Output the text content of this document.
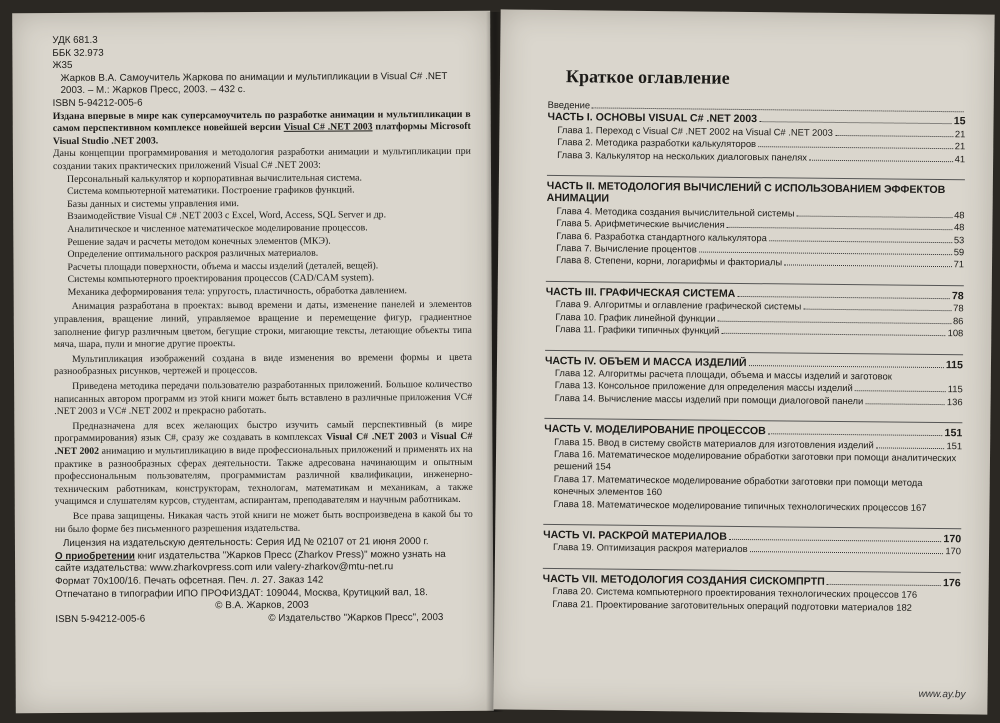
УДК 681.3
ББК 32.973
Ж35
Жарков В.А. Самоучитель Жаркова по анимации и мультипликации в Visual C# .NET 2003. – М.: Жарков Пресс, 2003. – 432 с.
ISBN 5-94212-005-6
Издана впервые в мире как суперсамоучитель по разработке анимации и мультипликации в самом перспективном комплексе новейшей версии Visual C# .NET 2003 платформы Microsoft Visual Studio .NET 2003.
Даны концепции программирования и методология разработки анимации и мультипликации при создании таких практических приложений Visual C# .NET 2003:
Персональный калькулятор и корпоративная вычислительная система.
Система компьютерной математики. Построение графиков функций.
Базы данных и системы управления ими.
Взаимодействие Visual C# .NET 2003 с Excel, Word, Access, SQL Server и др.
Аналитическое и численное математическое моделирование процессов.
Решение задач и расчеты методом конечных элементов (МКЭ).
Определение оптимального раскроя различных материалов.
Расчеты площади поверхности, объема и массы изделий (деталей, вещей).
Системы компьютерного проектирования процессов (CAD/CAM system).
Механика деформирования тела: упругость, пластичность, обработка давлением.
Анимация разработана в проектах: вывод времени и даты, изменение панелей и элементов управления, вращение линий, управляемое вращение и перемещение фигур, градиентное заполнение фигур различным цветом, бегущие строки, мигающие тексты, летающие объекты типа мяча, шара, пули и многие другие проекты.
Мультипликация изображений создана в виде изменения во времени формы и цвета разнообразных рисунков, чертежей и процессов.
Приведена методика передачи пользователю разработанных приложений. Большое количество написанных автором программ из этой книги может быть вставлено в различные приложения VC# .NET 2003 и VC# .NET 2002 и прекрасно работать.
Предназначена для всех желающих быстро изучить самый перспективный (в мире программирования) язык C#, сразу же создавать в комплексах Visual C# .NET 2003 и Visual C# .NET 2002 анимацию и мультипликацию в виде профессиональных приложений и применять их на практике в разнообразных сферах деятельности. Также адресована начинающим и опытным профессиональным пользователям, программистам различной квалификации, инженерно-техническим работникам, конструкторам, технологам, математикам и механикам, а также учащимся и слушателям курсов, студентам, аспирантам, преподавателям и научным работникам.
Все права защищены. Никакая часть этой книги не может быть воспроизведена в какой бы то ни было форме без письменного разрешения издательства.
Лицензия на издательскую деятельность: Серия ИД № 02107 от 21 июня 2000 г.
О приобретении книг издательства "Жарков Пресс (Zharkov Press)" можно узнать на сайте издательства: www.zharkovpress.com или valery-zharkov@mtu-net.ru
Формат 70х100/16. Печать офсетная. Печ. л. 27. Заказ 142
Отпечатано в типографии ИПО ПРОФИЗДАТ: 109044, Москва, Крутицкий вал, 18.
© В.А. Жарков, 2003
ISBN 5-94212-005-6	© Издательство "Жарков Пресс", 2003
Краткое оглавление
Введение
ЧАСТЬ I. ОСНОВЫ VISUAL C# .NET 2003	15
Глава 1. Переход с Visual C# .NET 2002 на Visual C# .NET 2003	21
Глава 2. Методика разработки калькуляторов	21
Глава 3. Калькулятор на нескольких диалоговых панелях	41
ЧАСТЬ II. МЕТОДОЛОГИЯ ВЫЧИСЛЕНИЙ С ИСПОЛЬЗОВАНИЕМ ЭФФЕКТОВ АНИМАЦИИ
Глава 4. Методика создания вычислительной системы	48
Глава 5. Арифметические вычисления	48
Глава 6. Разработка стандартного калькулятора	53
Глава 7. Вычисление процентов	59
Глава 8. Степени, корни, логарифмы и факториалы	71
ЧАСТЬ III. ГРАФИЧЕСКАЯ СИСТЕМА	78
Глава 9. Алгоритмы и оглавление графической системы	78
Глава 10. График линейной функции	86
Глава 11. Графики типичных функций	108
ЧАСТЬ IV. ОБЪЕМ И МАССА ИЗДЕЛИЙ	115
Глава 12. Алгоритмы расчета площади, объема и массы изделий и заготовок
Глава 13. Консольное приложение для определения массы изделий	115
Глава 14. Вычисление массы изделий при помощи диалоговой панели	136
ЧАСТЬ V. МОДЕЛИРОВАНИЕ ПРОЦЕССОВ	151
Глава 15. Ввод в систему свойств материалов для изготовления изделий	151
Глава 16. Математическое моделирование обработки заготовки при помощи аналитических решений 154
Глава 17. Математическое моделирование обработки заготовки при помощи метода конечных элементов 160
Глава 18. Математическое моделирование типичных технологических процессов 167
ЧАСТЬ VI. РАСКРОЙ МАТЕРИАЛОВ	170
Глава 19. Оптимизация раскроя материалов	170
ЧАСТЬ VII. МЕТОДОЛОГИЯ СОЗДАНИЯ СИСКОМПРТП	176
Глава 20. Система компьютерного проектирования технологических процессов 176
Глава 21. Проектирование заготовительных операций подготовки материалов 182
www.ay.by
